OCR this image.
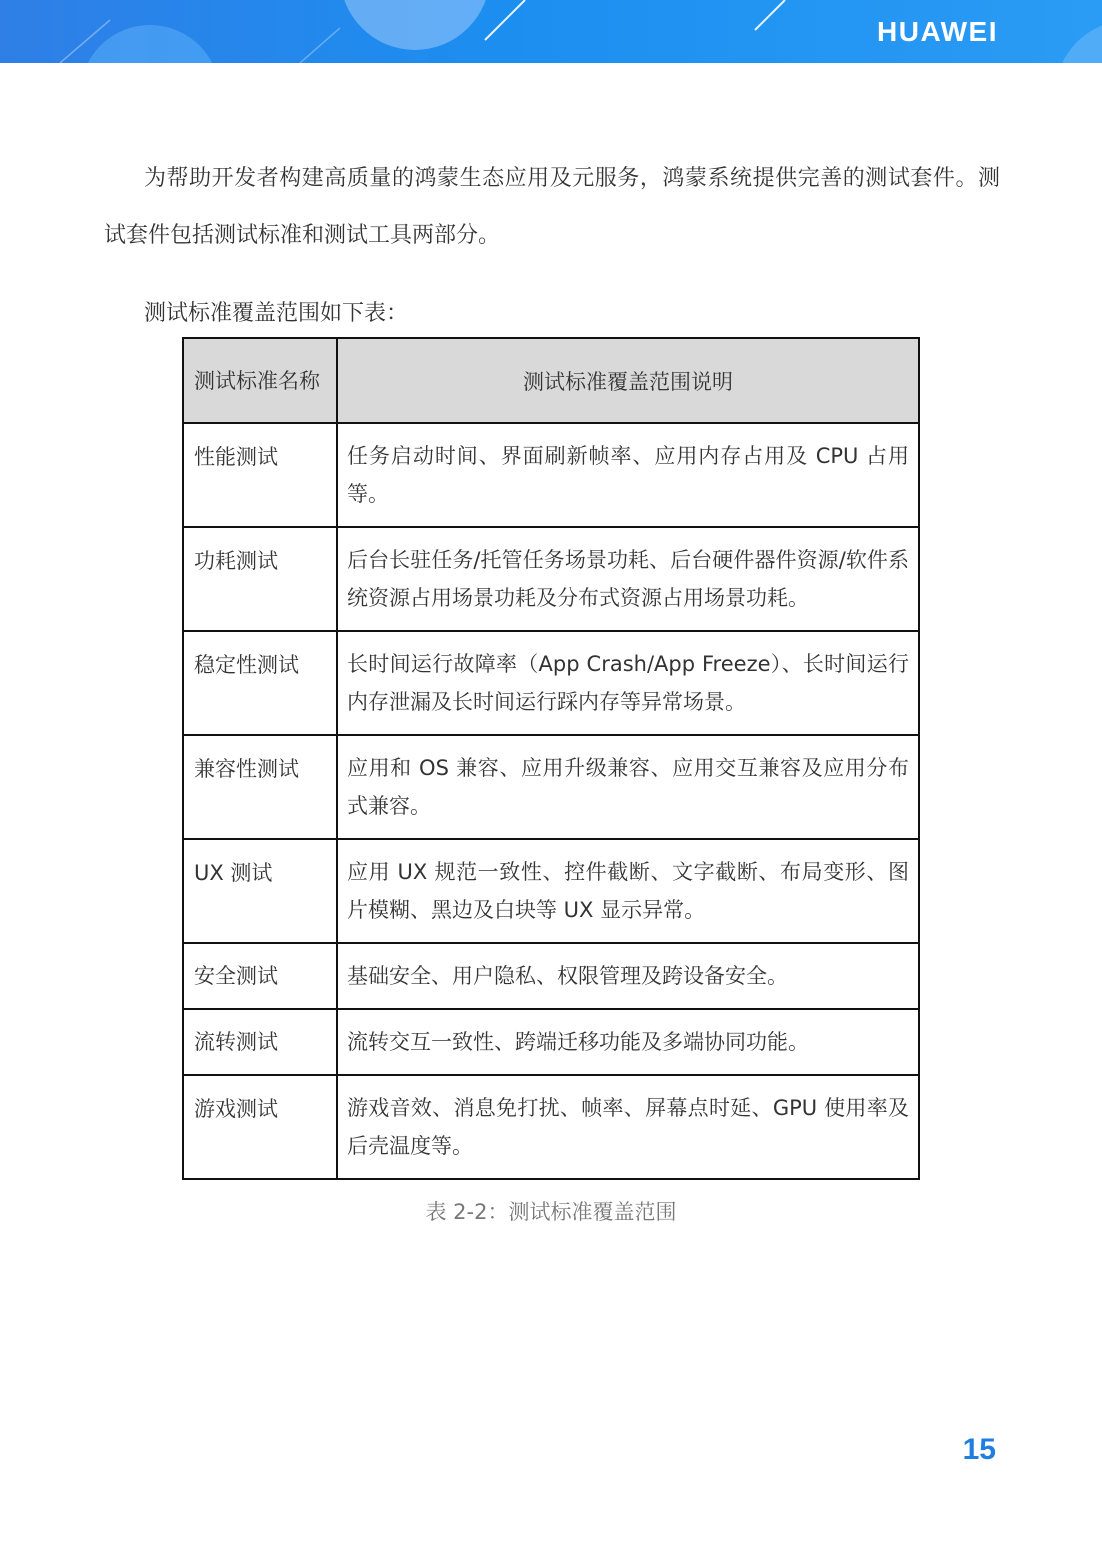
HUAWEI

为帮助开发者构建高质量的鸿蒙生态应用及元服务，鸿蒙系统提供完善的测试套件。测试套件包括测试标准和测试工具两部分。

测试标准覆盖范围如下表：

测试标准名称	测试标准覆盖范围说明

性能测试	任务启动时间、界面刷新帧率、应用内存占用及 CPU 占用等。

功耗测试	后台长驻任务/托管任务场景功耗、后台硬件器件资源/软件系统资源占用场景功耗及分布式资源占用场景功耗。

稳定性测试	长时间运行故障率（App Crash/App Freeze）、长时间运行内存泄漏及长时间运行踩内存等异常场景。

兼容性测试	应用和 OS 兼容、应用升级兼容、应用交互兼容及应用分布式兼容。

UX 测试	应用 UX 规范一致性、控件截断、文字截断、布局变形、图片模糊、黑边及白块等 UX 显示异常。
安全测试	基础安全、用户隐私、权限管理及跨设备安全。
流转测试	流转交互一致性、跨端迁移功能及多端协同功能。

游戏测试	游戏音效、消息免打扰、帧率、屏幕点时延、GPU 使用率及后壳温度等。
表 2-2：测试标准覆盖范围
15
